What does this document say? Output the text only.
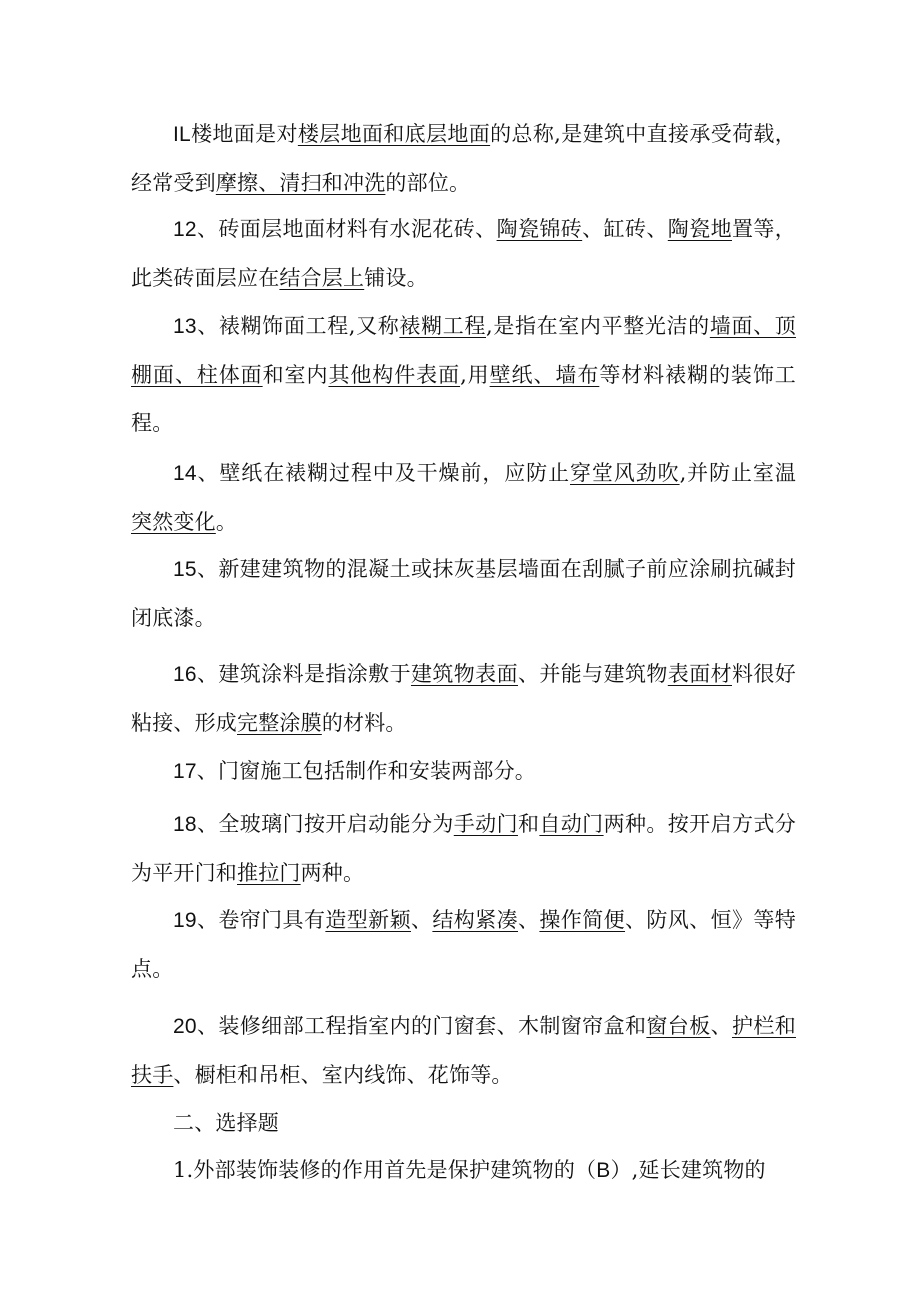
IL楼地面是对楼层地面和底层地面的总称,是建筑中直接承受荷载，经常受到摩擦、清扫和冲洗的部位。

12、砖面层地面材料有水泥花砖、陶瓷锦砖、缸砖、陶瓷地置等，此类砖面层应在结合层上铺设。

13、裱糊饰面工程,又称裱糊工程,是指在室内平整光洁的墙面、顶棚面、柱体面和室内其他构件表面,用壁纸、墙布等材料裱糊的装饰工程。

14、壁纸在裱糊过程中及干燥前，应防止穿堂风劲吹,并防止室温突然变化。

15、新建建筑物的混凝土或抹灰基层墙面在刮腻子前应涂刷抗碱封闭底漆。

16、建筑涂料是指涂敷于建筑物表面、并能与建筑物表面材料很好粘接、形成完整涂膜的材料。

17、门窗施工包括制作和安装两部分。

18、全玻璃门按开启动能分为手动门和自动门两种。按开启方式分为平开门和推拉门两种。

19、卷帘门具有造型新颖、结构紧凑、操作简便、防风、恒》等特点。

20、装修细部工程指室内的门窗套、木制窗帘盒和窗台板、护栏和扶手、橱柜和吊柜、室内线饰、花饰等。

二、选择题

1.外部装饰装修的作用首先是保护建筑物的（B）,延长建筑物的
